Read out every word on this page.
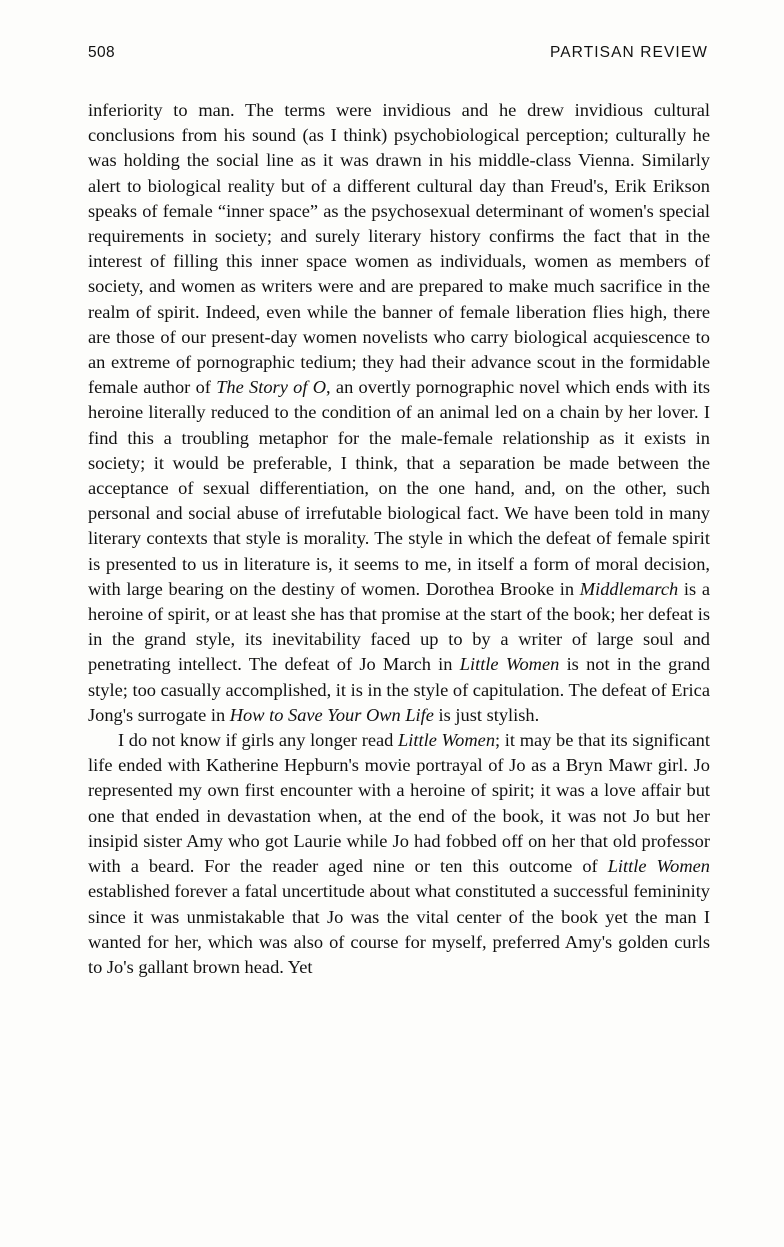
508	PARTISAN REVIEW

inferiority to man. The terms were invidious and he drew invidious cultural conclusions from his sound (as I think) psychobiological perception; culturally he was holding the social line as it was drawn in his middle-class Vienna. Similarly alert to biological reality but of a different cultural day than Freud's, Erik Erikson speaks of female “inner space” as the psychosexual determinant of women's special requirements in society; and surely literary history confirms the fact that in the interest of filling this inner space women as individuals, women as members of society, and women as writers were and are prepared to make much sacrifice in the realm of spirit. Indeed, even while the banner of female liberation flies high, there are those of our present-day women novelists who carry biological acquiescence to an extreme of pornographic tedium; they had their advance scout in the formidable female author of The Story of O, an overtly pornographic novel which ends with its heroine literally reduced to the condition of an animal led on a chain by her lover. I find this a troubling metaphor for the male-female relationship as it exists in society; it would be preferable, I think, that a separation be made between the acceptance of sexual differentiation, on the one hand, and, on the other, such personal and social abuse of irrefutable biological fact. We have been told in many literary contexts that style is morality. The style in which the defeat of female spirit is presented to us in literature is, it seems to me, in itself a form of moral decision, with large bearing on the destiny of women. Dorothea Brooke in Middlemarch is a heroine of spirit, or at least she has that promise at the start of the book; her defeat is in the grand style, its inevitability faced up to by a writer of large soul and penetrating intellect. The defeat of Jo March in Little Women is not in the grand style; too casually accomplished, it is in the style of capitulation. The defeat of Erica Jong's surrogate in How to Save Your Own Life is just stylish.

I do not know if girls any longer read Little Women; it may be that its significant life ended with Katherine Hepburn's movie portrayal of Jo as a Bryn Mawr girl. Jo represented my own first encounter with a heroine of spirit; it was a love affair but one that ended in devastation when, at the end of the book, it was not Jo but her insipid sister Amy who got Laurie while Jo had fobbed off on her that old professor with a beard. For the reader aged nine or ten this outcome of Little Women established forever a fatal uncertitude about what constituted a successful femininity since it was unmistakable that Jo was the vital center of the book yet the man I wanted for her, which was also of course for myself, preferred Amy's golden curls to Jo's gallant brown head. Yet
